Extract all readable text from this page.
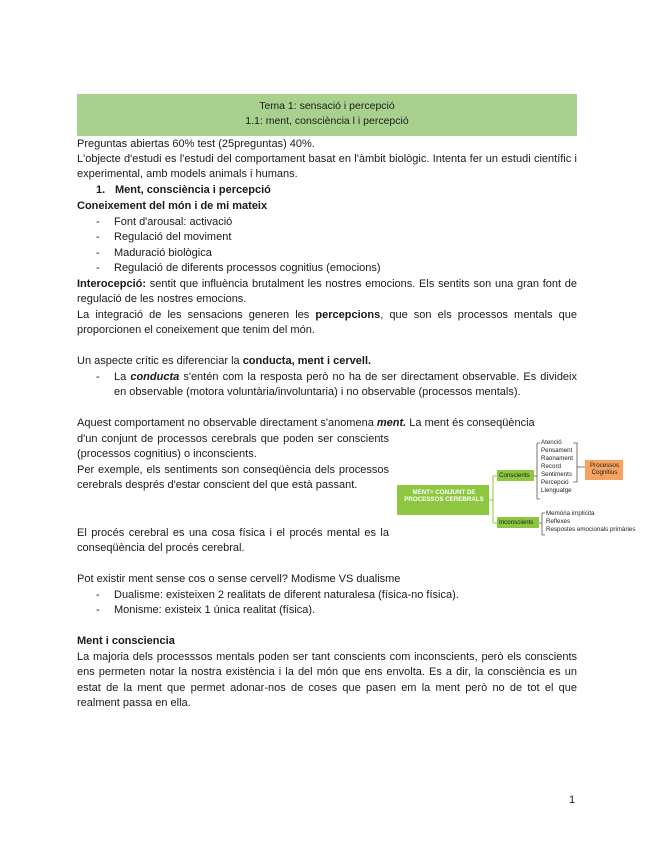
Tema 1: sensació i percepció
1.1: ment, consciència l i percepció
Preguntas abiertas 60% test (25preguntas) 40%.
L'objecte d'estudi es l'estudi del comportament basat en l'àmbit biològic. Intenta fer un estudi científic i experimental, amb models animals i humans.
1. Ment, consciència i percepció
Coneixement del món i de mi mateix
- Font d'arousal: activació
- Regulació del moviment
- Maduració biològica
- Regulació de diferents processos cognitius (emocions)
Interocepció: sentit que influència brutalment les nostres emocions. Els sentits son una gran font de regulació de les nostres emocions.
La integració de les sensacions generen les percepcions, que son els processos mentals que proporcionen el coneixement que tenim del món.
Un aspecte crític es diferenciar la conducta, ment i cervell.
- La conducta s'entén com la resposta però no ha de ser directament observable. Es divideix en observable (motora voluntària/involuntaria) i no observable (processos mentals).
Aquest comportament no observable directament s'anomena ment. La ment és conseqüència
d'un conjunt de processos cerebrals que poden ser conscients (processos cognitius) o inconscients.
Per exemple, els sentiments son conseqüència dels processos cerebrals després d'estar conscient del que està passant.
El procés cerebral es una cosa física i el procés mental es la conseqüència del procés cerebral.
MENT= CONJUNT DE PROCESSOS CEREBRALS
Conscients
Inconscients
Atenció
Pensament
Raonament
Record
Sentiments
Percepció
Llenguatge
Processos Cognitius
Memòria implícita
Reflexes
Respostes emocionals primàries
Pot existir ment sense cos o sense cervell? Modisme VS dualisme
- Dualisme: existeixen 2 realitats de diferent naturalesa (física-no física).
- Monisme: existeix 1 única realitat (física).
Ment i consciencia
La majoria dels processsos mentals poden ser tant conscients com inconscients, però els conscients ens permeten notar la nostra existència i la del món que ens envolta. Es a dir, la consciència es un estat de la ment que permet adonar-nos de coses que pasen em la ment però no de tot el que realment passa en ella.
1
